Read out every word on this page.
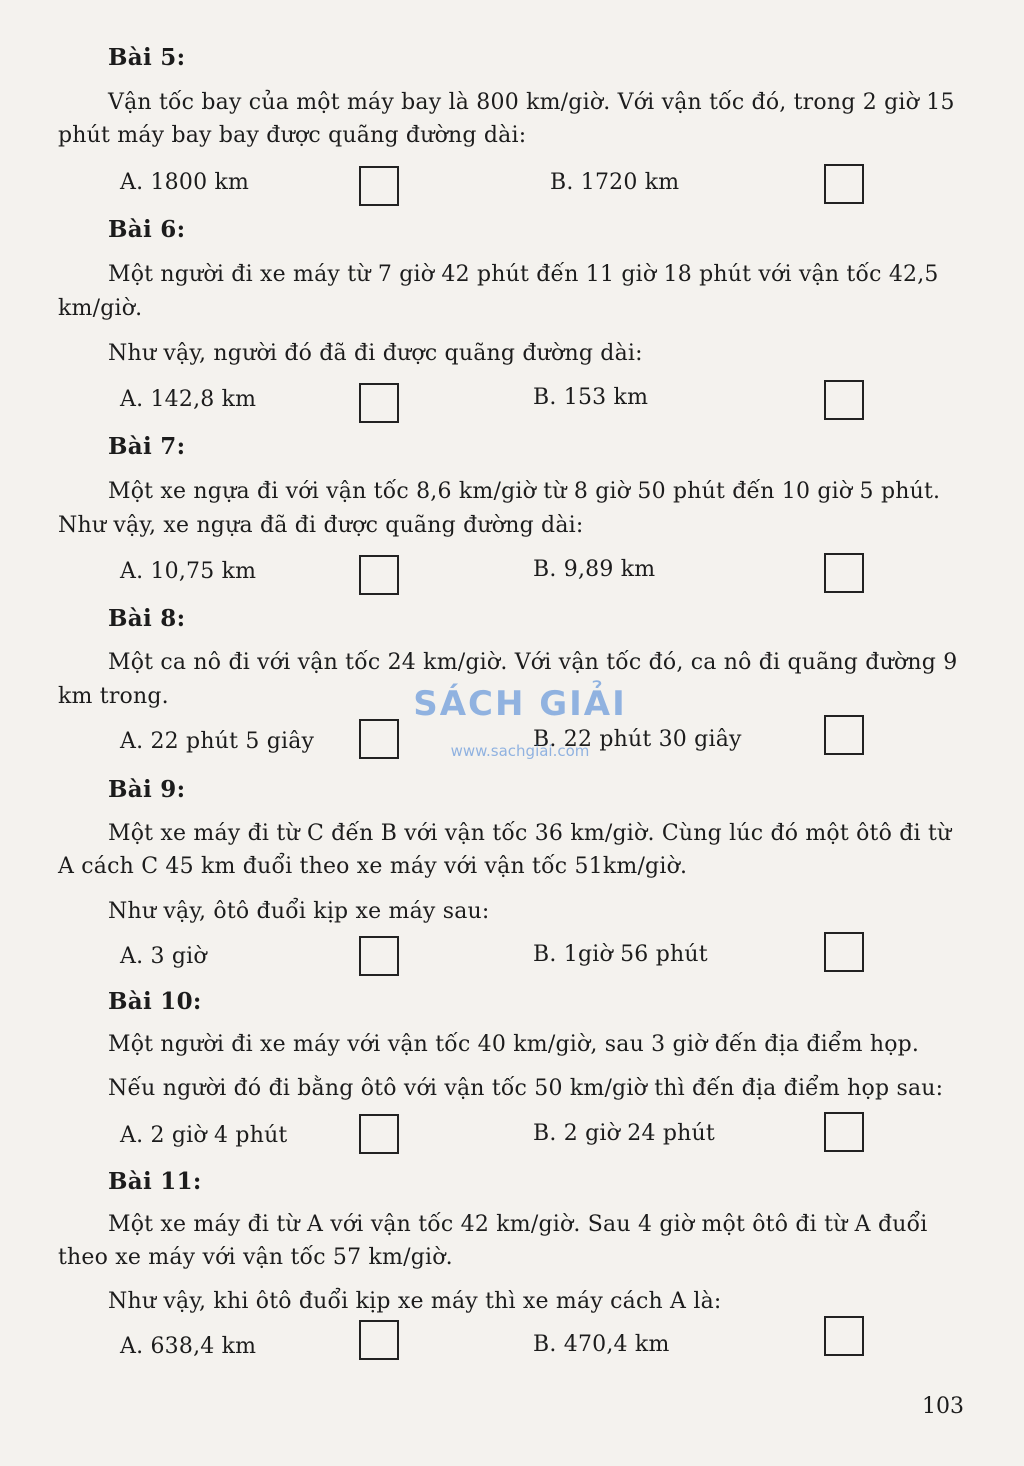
Bài 5:
Vận tốc bay của một máy bay là 800 km/giờ. Với vận tốc đó, trong 2 giờ 15
phút máy bay bay được quãng đường dài:
A. 1800 km	B. 1720 km
Bài 6:
Một người đi xe máy từ 7 giờ 42 phút đến 11 giờ 18 phút với vận tốc 42,5
km/giờ.
Như vậy, người đó đã đi được quãng đường dài:
A. 142,8 km	B. 153 km
Bài 7:
Một xe ngựa đi với vận tốc 8,6 km/giờ từ 8 giờ 50 phút đến 10 giờ 5 phút.
Như vậy, xe ngựa đã đi được quãng đường dài:
A. 10,75 km	B. 9,89 km
Bài 8:
Một ca nô đi với vận tốc 24 km/giờ. Với vận tốc đó, ca nô đi quãng đường 9
km trong.
A. 22 phút 5 giây	B. 22 phút 30 giây
SÁCH GIẢI
www.sachgiai.com
Bài 9:
Một xe máy đi từ C đến B với vận tốc 36 km/giờ. Cùng lúc đó một ôtô đi từ
A cách C 45 km đuổi theo xe máy với vận tốc 51km/giờ.
Như vậy, ôtô đuổi kịp xe máy sau:
A. 3 giờ	B. 1giờ 56 phút
Bài 10:
Một người đi xe máy với vận tốc 40 km/giờ, sau 3 giờ đến địa điểm họp.
Nếu người đó đi bằng ôtô với vận tốc 50 km/giờ thì đến địa điểm họp sau:
A. 2 giờ 4 phút	B. 2 giờ 24 phút
Bài 11:
Một xe máy đi từ A với vận tốc 42 km/giờ. Sau 4 giờ một ôtô đi từ A đuổi
theo xe máy với vận tốc 57 km/giờ.
Như vậy, khi ôtô đuổi kịp xe máy thì xe máy cách A là:
A. 638,4 km	B. 470,4 km
103
